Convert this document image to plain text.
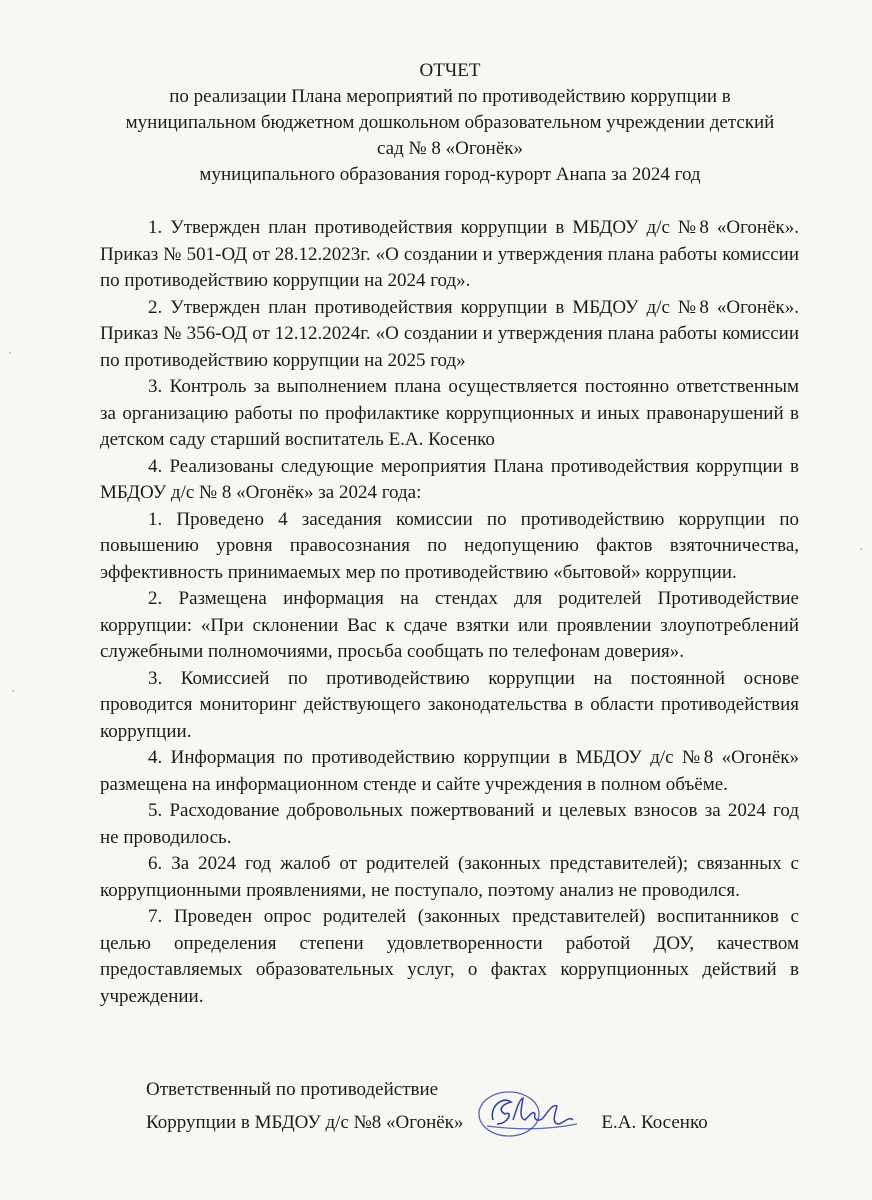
ОТЧЕТ
по реализации Плана мероприятий по противодействию коррупции в
муниципальном бюджетном дошкольном образовательном учреждении детский
сад № 8 «Огонёк»
муниципального образования город-курорт Анапа за 2024 год

1. Утвержден план противодействия коррупции в МБДОУ д/с №8 «Огонёк». Приказ № 501-ОД от 28.12.2023г. «О создании и утверждения плана работы комиссии по противодействию коррупции на 2024 год».

2. Утвержден план противодействия коррупции в МБДОУ д/с №8 «Огонёк». Приказ № 356-ОД от 12.12.2024г. «О создании и утверждения плана работы комиссии по противодействию коррупции на 2025 год»

3. Контроль за выполнением плана осуществляется постоянно ответственным за организацию работы по профилактике коррупционных и иных правонарушений в детском саду старший воспитатель Е.А. Косенко

4. Реализованы следующие мероприятия Плана противодействия коррупции в МБДОУ д/с № 8 «Огонёк» за 2024 года:

1. Проведено 4 заседания комиссии по противодействию коррупции по повышению уровня правосознания по недопущению фактов взяточничества, эффективность принимаемых мер по противодействию «бытовой» коррупции.

2. Размещена информация на стендах для родителей Противодействие коррупции: «При склонении Вас к сдаче взятки или проявлении злоупотреблений служебными полномочиями, просьба сообщать по телефонам доверия».

3. Комиссией по противодействию коррупции на постоянной основе проводится мониторинг действующего законодательства в области противодействия коррупции.

4. Информация по противодействию коррупции в МБДОУ д/с №8 «Огонёк» размещена на информационном стенде и сайте учреждения в полном объёме.

5. Расходование добровольных пожертвований и целевых взносов за 2024 год не проводилось.

6. За 2024 год жалоб от родителей (законных представителей); связанных с коррупционными проявлениями, не поступало, поэтому анализ не проводился.

7. Проведен опрос родителей (законных представителей) воспитанников с целью определения степени удовлетворенности работой ДОУ, качеством предоставляемых образовательных услуг, о фактах коррупционных действий в учреждении.

Ответственный по противодействие
Коррупции в МБДОУ д/с №8 «Огонёк»	Е.А. Косенко
